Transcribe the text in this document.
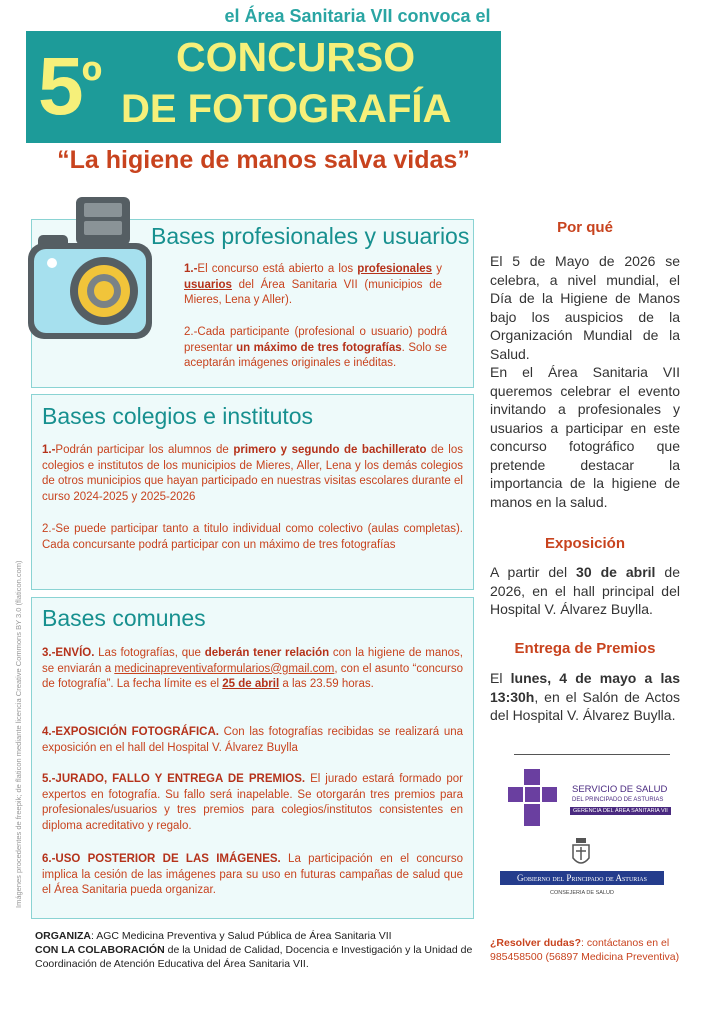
el Área Sanitaria VII convoca el
$5^º$ CONCURSO
DE FOTOGRAFÍA
“La higiene de manos salva vidas”
Bases profesionales y usuarios
1.-El concurso está abierto a los profesionales y usuarios del Área Sanitaria VII (municipios de Mieres, Lena y Aller).
2.-Cada participante (profesional o usuario) podrá presentar un máximo de tres fotografías. Solo se aceptarán imágenes originales e inéditas.
Bases colegios e institutos
1.-Podrán participar los alumnos de primero y segundo de bachillerato de los colegios e institutos de los municipios de Mieres, Aller, Lena y los demás colegios de otros municipios que hayan participado en nuestras visitas escolares durante el curso 2024-2025 y 2025-2026
2.-Se puede participar tanto a titulo individual como colectivo (aulas completas). Cada concursante podrá participar con un máximo de tres fotografías
Bases comunes
3.-ENVÍO. Las fotografías, que deberán tener relación con la higiene de manos, se enviarán a medicinapreventivaformularios@gmail.com, con el asunto “concurso de fotografía”. La fecha límite es el 25 de abril a las 23.59 horas.
4.-EXPOSICIÓN FOTOGRÁFICA. Con las fotografías recibidas se realizará una exposición en el hall del Hospital V. Álvarez Buylla
5.-JURADO, FALLO Y ENTREGA DE PREMIOS. El jurado estará formado por expertos en fotografía. Su fallo será inapelable. Se otorgarán tres premios para profesionales/usuarios y tres premios para colegios/institutos consistentes en diploma acreditativo y regalo.
6.-USO POSTERIOR DE LAS IMÁGENES. La participación en el concurso implica la cesión de las imágenes para su uso en futuras campañas de salud que el Área Sanitaria pueda organizar.
Imágenes procedentes de freepik; de flaticon mediante licencia Creative Commons BY 3.0 (flaticon.com)
Por qué
El 5 de Mayo de 2026 se celebra, a nivel mundial, el Día de la Higiene de Manos bajo los auspicios de la Organización Mundial de la Salud.
En el Área Sanitaria VII queremos celebrar el evento invitando a profesionales y usuarios a participar en este concurso fotográfico que pretende destacar la importancia de la higiene de manos en la salud.
Exposición
A partir del 30 de abril de 2026, en el hall principal del Hospital V. Álvarez Buylla.
Entrega de Premios
El lunes, 4 de mayo a las 13:30h, en el Salón de Actos del Hospital V. Álvarez Buylla.
SERVICIO DE SALUD
DEL PRINCIPADO DE ASTURIAS
GERENCIA DEL ÁREA SANITARIA VII
Gobierno del Principado de Asturias
CONSEJERIA DE SALUD
ORGANIZA: AGC Medicina Preventiva y Salud Pública de Área Sanitaria VII
CON LA COLABORACIÓN de la Unidad de Calidad, Docencia e Investigación y la Unidad de Coordinación de Atención Educativa del Área Sanitaria VII.
¿Resolver dudas?: contáctanos en el 985458500 (56897 Medicina Preventiva)
